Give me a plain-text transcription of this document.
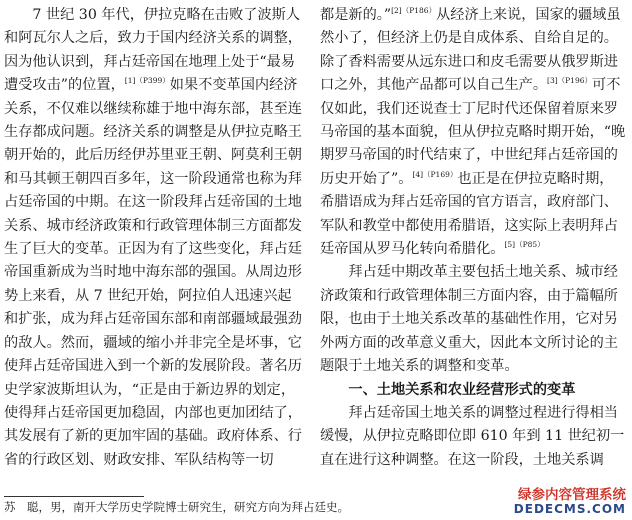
7 世纪 30 年代，伊拉克略在击败了波斯人和阿瓦尔人之后，致力于国内经济关系的调整，因为他认识到，拜占廷帝国在地理上处于“最易遭受攻击”的位置，$^{[1](P399)}$如果不变革国内经济关系，不仅难以继续称雄于地中海东部，甚至连生存都成问题。经济关系的调整是从伊拉克略王朝开始的，此后历经伊苏里亚王朝、阿莫利王朝和马其顿王朝四百多年，这一阶段通常也称为拜占廷帝国的中期。在这一阶段拜占廷帝国的土地关系、城市经济政策和行政管理体制三方面都发生了巨大的变革。正因为有了这些变化，拜占廷帝国重新成为当时地中海东部的强国。从周边形势上来看，从 7 世纪开始，阿拉伯人迅速兴起和扩张，成为拜占廷帝国东部和南部疆域最强劲的敌人。然而，疆域的缩小并非完全是坏事，它使拜占廷帝国进入到一个新的发展阶段。著名历史学家波斯坦认为，“正是由于新边界的划定，使得拜占廷帝国更加稳固，内部也更加团结了，其发展有了新的更加牢固的基础。政府体系、行省的行政区划、财政安排、军队结构等一切

都是新的。”$^{[2](P186)}$从经济上来说，国家的疆域虽然小了，但经济上仍是自成体系、自给自足的。除了香料需要从远东进口和皮毛需要从俄罗斯进口之外，其他产品都可以自己生产。$^{[3](P196)}$可不仅如此，我们还说查士丁尼时代还保留着原来罗马帝国的基本面貌，但从伊拉克略时期开始，“晚期罗马帝国的时代结束了，中世纪拜占廷帝国的历史开始了”。$^{[4](P169)}$也正是在伊拉克略时期，希腊语成为拜占廷帝国的官方语言，政府部门、军队和教堂中都使用希腊语，这实际上表明拜占廷帝国从罗马化转向希腊化。$^{[5](P85)}$

拜占廷中期改革主要包括土地关系、城市经济政策和行政管理体制三方面内容，由于篇幅所限，也由于土地关系改革的基础性作用，它对另外两方面的改革意义重大，因此本文所讨论的主题限于土地关系的调整和变革。

一、土地关系和农业经营形式的变革

拜占廷帝国土地关系的调整过程进行得相当缓慢，从伊拉克略即位即 610 年到 11 世纪初一直在进行这种调整。在这一阶段，土地关系调

苏　聪，男，南开大学历史学院博士研究生，研究方向为拜占廷史。
绿参内容管理系统
DEDECMS.COM
